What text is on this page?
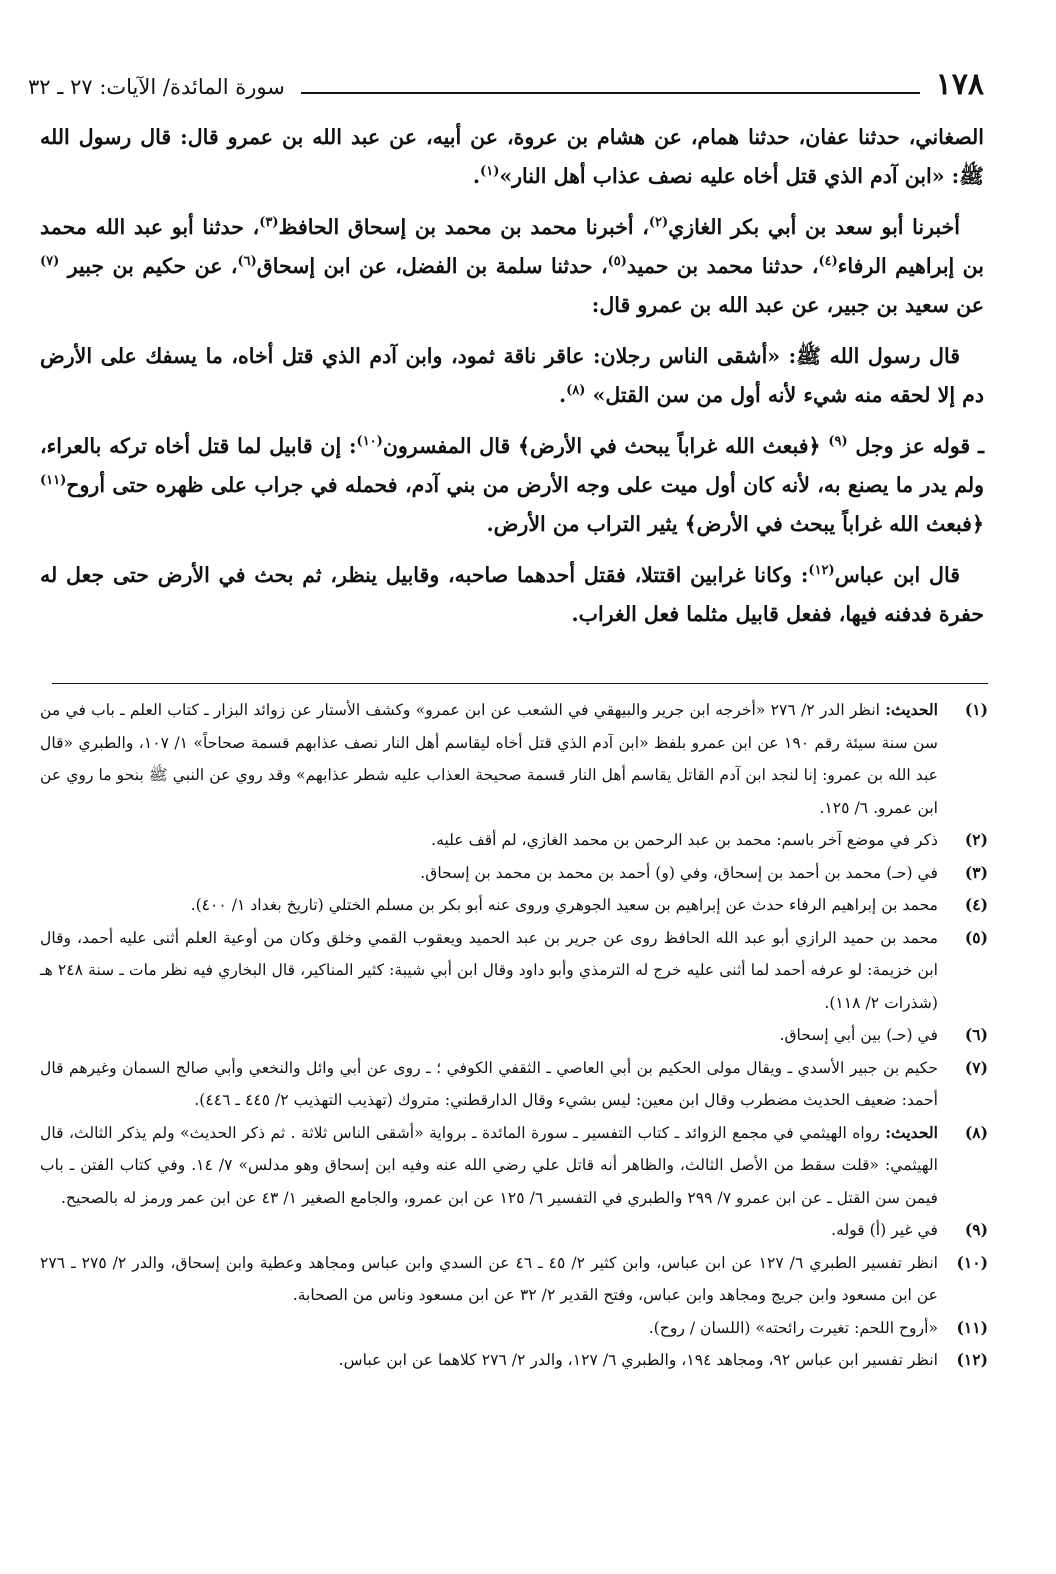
١٧٨
سورة المائدة/ الآيات: ٢٧ ـ ٣٢

الصغاني، حدثنا عفان، حدثنا همام، عن هشام بن عروة، عن أبيه، عن عبد الله بن عمرو قال: قال رسول الله ﷺ: «ابن آدم الذي قتل أخاه عليه نصف عذاب أهل النار»$^{(١)}$.

أخبرنا أبو سعد بن أبي بكر الغازي$^{(٢)}$، أخبرنا محمد بن محمد بن إسحاق الحافظ$^{(٣)}$، حدثنا أبو عبد الله محمد بن إبراهيم الرفاء$^{(٤)}$، حدثنا محمد بن حميد$^{(٥)}$، حدثنا سلمة بن الفضل، عن ابن إسحاق$^{(٦)}$، عن حكيم بن جبير $^{(٧)}$ عن سعيد بن جبير، عن عبد الله بن عمرو قال:

قال رسول الله ﷺ: «أشقى الناس رجلان: عاقر ناقة ثمود، وابن آدم الذي قتل أخاه، ما يسفك على الأرض دم إلا لحقه منه شيء لأنه أول من سن القتل» $^{(٨)}$.

ـ قوله عز وجل $^{(٩)}$ ﴿فبعث الله غراباً يبحث في الأرض﴾ قال المفسرون$^{(١٠)}$: إن قابيل لما قتل أخاه تركه بالعراء، ولم يدر ما يصنع به، لأنه كان أول ميت على وجه الأرض من بني آدم، فحمله في جراب على ظهره حتى أروح$^{(١١)}$ ﴿فبعث الله غراباً يبحث في الأرض﴾ يثير التراب من الأرض.

قال ابن عباس$^{(١٢)}$: وكانا غرابين اقتتلا، فقتل أحدهما صاحبه، وقابيل ينظر، ثم بحث في الأرض حتى جعل له حفرة فدفنه فيها، ففعل قابيل مثلما فعل الغراب.

(١)
الحديث: انظر الدر ٢/ ٢٧٦ «أخرجه ابن جرير والبيهقي في الشعب عن ابن عمرو» وكشف الأستار عن زوائد البزار ـ كتاب العلم ـ باب في من سن سنة سيئة رقم ١٩٠ عن ابن عمرو بلفظ «ابن آدم الذي قتل أخاه ليقاسم أهل النار نصف عذابهم قسمة صحاحاً» ١/ ١٠٧، والطبري «قال عبد الله بن عمرو: إنا لنجد ابن آدم القاتل يقاسم أهل النار قسمة صحيحة العذاب عليه شطر عذابهم» وقد روي عن النبي ﷺ بنحو ما روي عن ابن عمرو. ٦/ ١٢٥.
(٢)
ذكر في موضع آخر باسم: محمد بن عبد الرحمن بن محمد الغازي، لم أقف عليه.
(٣)
في (حـ) محمد بن أحمد بن إسحاق، وفي (و) أحمد بن محمد بن محمد بن إسحاق.
(٤)
محمد بن إبراهيم الرفاء حدث عن إبراهيم بن سعيد الجوهري وروى عنه أبو بكر بن مسلم الختلي (تاريخ بغداد ١/ ٤٠٠).
(٥)
محمد بن حميد الرازي أبو عبد الله الحافظ روى عن جرير بن عبد الحميد ويعقوب القمي وخلق وكان من أوعية العلم أثنى عليه أحمد، وقال ابن خزيمة: لو عرفه أحمد لما أثنى عليه خرج له الترمذي وأبو داود وقال ابن أبي شيبة: كثير المناكير، قال البخاري فيه نظر مات ـ سنة ٢٤٨ هـ (شذرات ٢/ ١١٨).
(٦)
في (حـ) بين أبي إسحاق.
(٧)
حكيم بن جبير الأسدي ـ ويقال مولى الحكيم بن أبي العاصي ـ الثقفي الكوفي ؛ ـ روى عن أبي وائل والنخعي وأبي صالح السمان وغيرهم قال أحمد: ضعيف الحديث مضطرب وقال ابن معين: ليس بشيء وقال الدارقطني: متروك (تهذيب التهذيب ٢/ ٤٤٥ ـ ٤٤٦).
(٨)
الحديث: رواه الهيثمي في مجمع الزوائد ـ كتاب التفسير ـ سورة المائدة ـ برواية «أشقى الناس ثلاثة . ثم ذكر الحديث» ولم يذكر الثالث، قال الهيثمي: «قلت سقط من الأصل الثالث، والظاهر أنه قاتل علي رضي الله عنه وفيه ابن إسحاق وهو مدلس» ٧/ ١٤. وفي كتاب الفتن ـ باب فيمن سن القتل ـ عن ابن عمرو ٧/ ٢٩٩ والطبري في التفسير ٦/ ١٢٥ عن ابن عمرو، والجامع الصغير ١/ ٤٣ عن ابن عمر ورمز له بالصحيح.
(٩)
في غير (أ) قوله.
(١٠)
انظر تفسير الطبري ٦/ ١٢٧ عن ابن عباس، وابن كثير ٢/ ٤٥ ـ ٤٦ عن السدي وابن عباس ومجاهد وعطية وابن إسحاق، والدر ٢/ ٢٧٥ ـ ٢٧٦ عن ابن مسعود وابن جريج ومجاهد وابن عباس، وفتح القدير ٢/ ٣٢ عن ابن مسعود وناس من الصحابة.
(١١)
«أروح اللحم: تغيرت رائحته» (اللسان / روح).
(١٢)
انظر تفسير ابن عباس ٩٢، ومجاهد ١٩٤، والطبري ٦/ ١٢٧، والدر ٢/ ٢٧٦ كلاهما عن ابن عباس.
